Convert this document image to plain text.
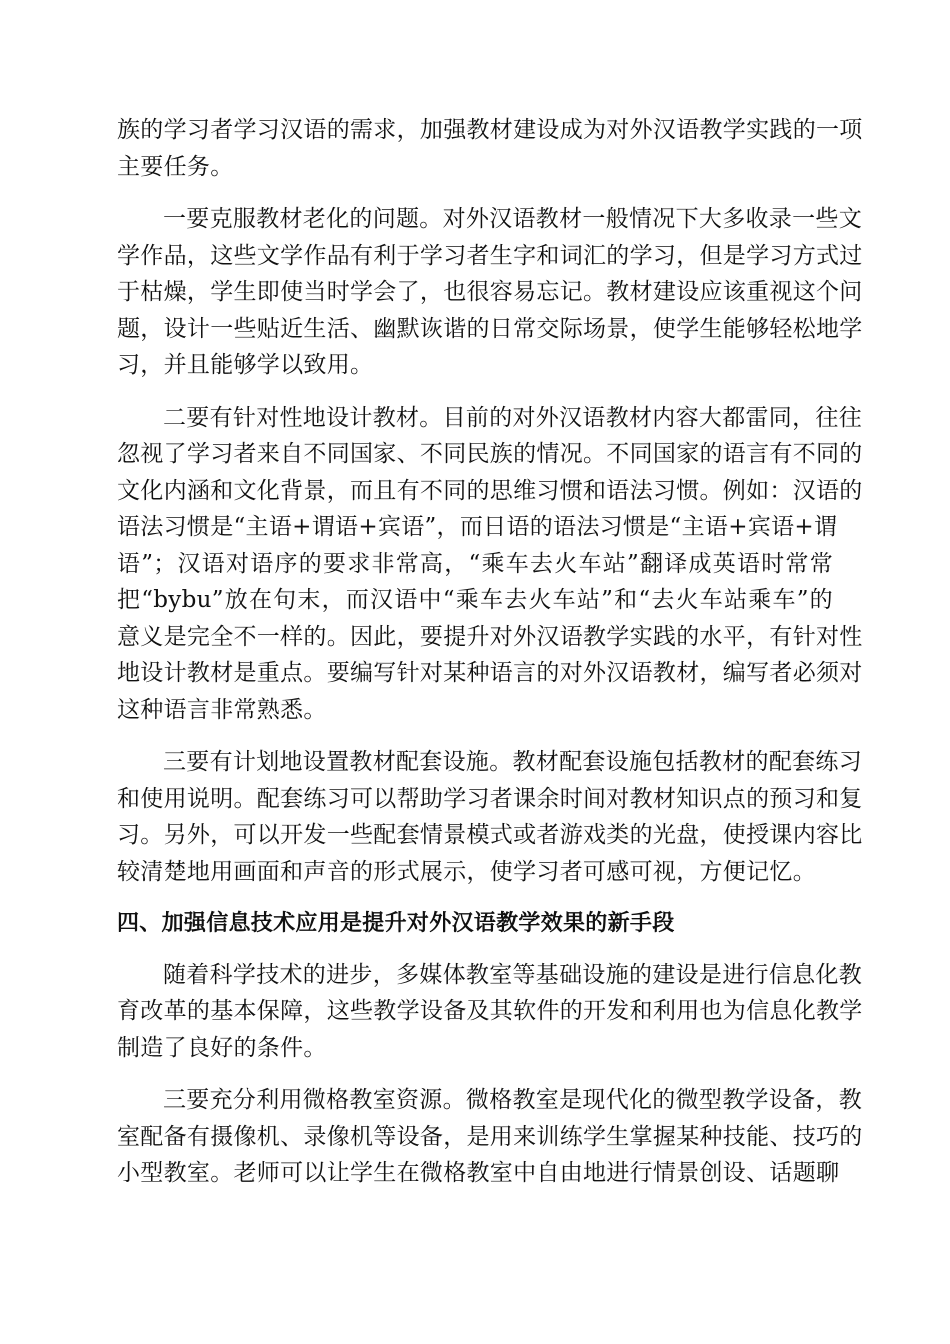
族的学习者学习汉语的需求，加强教材建设成为对外汉语教学实践的一项
主要任务。
一要克服教材老化的问题。对外汉语教材一般情况下大多收录一些文
学作品，这些文学作品有利于学习者生字和词汇的学习，但是学习方式过
于枯燥，学生即使当时学会了，也很容易忘记。教材建设应该重视这个问
题，设计一些贴近生活、幽默诙谐的日常交际场景，使学生能够轻松地学
习，并且能够学以致用。
二要有针对性地设计教材。目前的对外汉语教材内容大都雷同，往往
忽视了学习者来自不同国家、不同民族的情况。不同国家的语言有不同的
文化内涵和文化背景，而且有不同的思维习惯和语法习惯。例如：汉语的
语法习惯是“主语+谓语+宾语”，而日语的语法习惯是“主语+宾语+谓
语”；汉语对语序的要求非常高，“乘车去火车站”翻译成英语时常常
把“bybu”放在句末，而汉语中“乘车去火车站”和“去火车站乘车”的
意义是完全不一样的。因此，要提升对外汉语教学实践的水平，有针对性
地设计教材是重点。要编写针对某种语言的对外汉语教材，编写者必须对
这种语言非常熟悉。
三要有计划地设置教材配套设施。教材配套设施包括教材的配套练习
和使用说明。配套练习可以帮助学习者课余时间对教材知识点的预习和复
习。另外，可以开发一些配套情景模式或者游戏类的光盘，使授课内容比
较清楚地用画面和声音的形式展示，使学习者可感可视，方便记忆。
四、加强信息技术应用是提升对外汉语教学效果的新手段
随着科学技术的进步，多媒体教室等基础设施的建设是进行信息化教
育改革的基本保障，这些教学设备及其软件的开发和利用也为信息化教学
制造了良好的条件。
三要充分利用微格教室资源。微格教室是现代化的微型教学设备，教
室配备有摄像机、录像机等设备，是用来训练学生掌握某种技能、技巧的
小型教室。老师可以让学生在微格教室中自由地进行情景创设、话题聊
